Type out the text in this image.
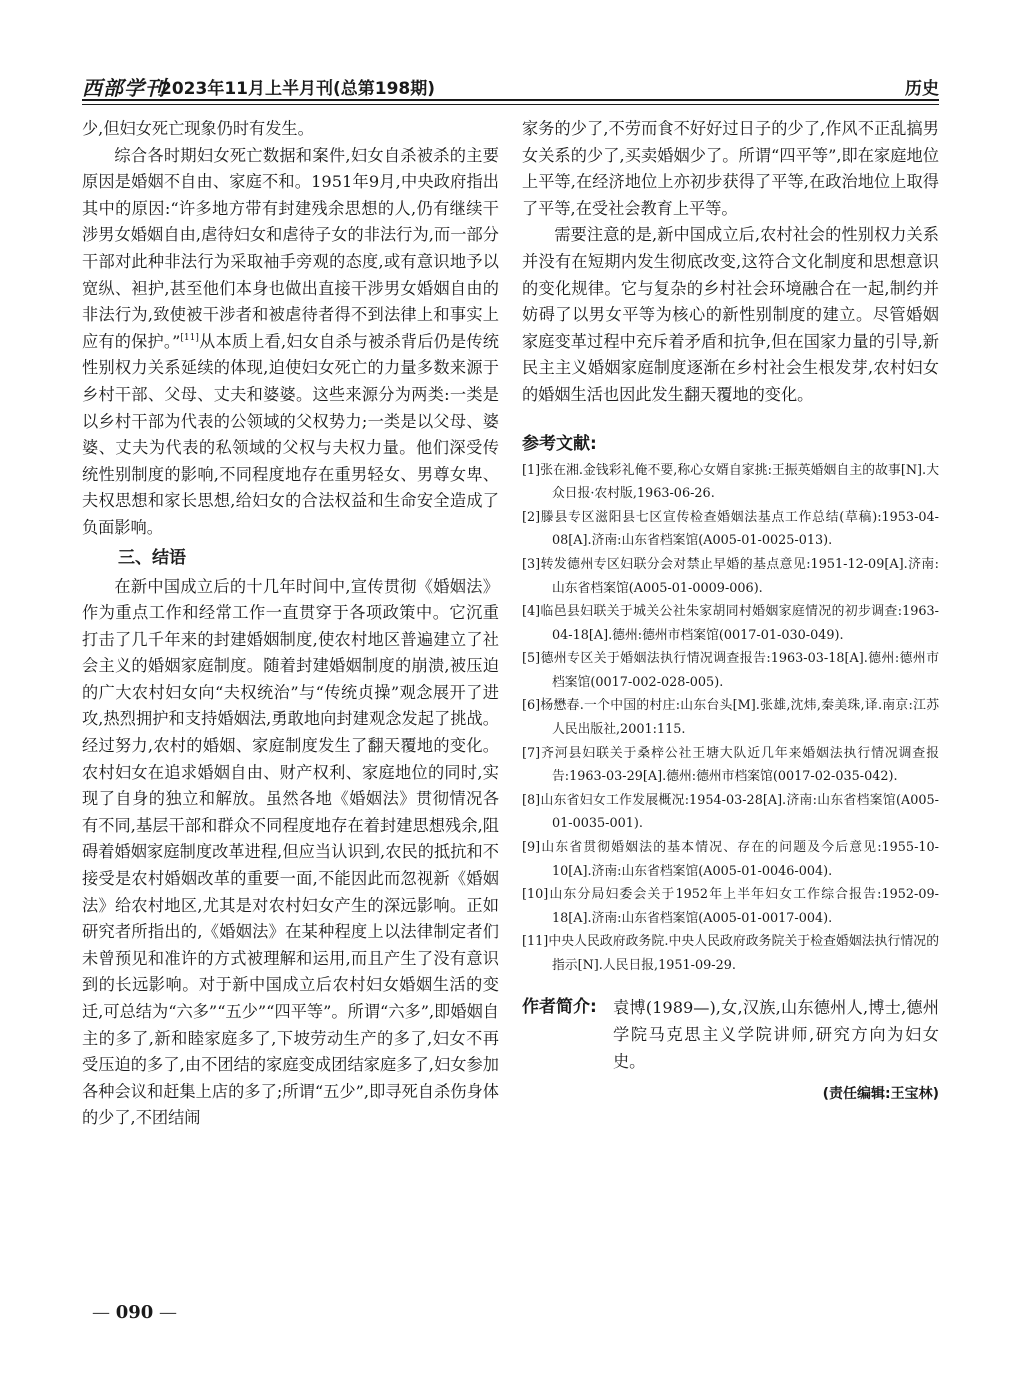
西部学刊
2023年11月上半月刊(总第198期)	历史

少,但妇女死亡现象仍时有发生。

综合各时期妇女死亡数据和案件,妇女自杀被杀的主要原因是婚姻不自由、家庭不和。1951年9月,中央政府指出其中的原因:“许多地方带有封建残余思想的人,仍有继续干涉男女婚姻自由,虐待妇女和虐待子女的非法行为,而一部分干部对此种非法行为采取袖手旁观的态度,或有意识地予以宽纵、袒护,甚至他们本身也做出直接干涉男女婚姻自由的非法行为,致使被干涉者和被虐待者得不到法律上和事实上应有的保护。”[11]从本质上看,妇女自杀与被杀背后仍是传统性别权力关系延续的体现,迫使妇女死亡的力量多数来源于乡村干部、父母、丈夫和婆婆。这些来源分为两类:一类是以乡村干部为代表的公领域的父权势力;一类是以父母、婆婆、丈夫为代表的私领域的父权与夫权力量。他们深受传统性别制度的影响,不同程度地存在重男轻女、男尊女卑、夫权思想和家长思想,给妇女的合法权益和生命安全造成了负面影响。

三、结语

在新中国成立后的十几年时间中,宣传贯彻《婚姻法》作为重点工作和经常工作一直贯穿于各项政策中。它沉重打击了几千年来的封建婚姻制度,使农村地区普遍建立了社会主义的婚姻家庭制度。随着封建婚姻制度的崩溃,被压迫的广大农村妇女向“夫权统治”与“传统贞操”观念展开了进攻,热烈拥护和支持婚姻法,勇敢地向封建观念发起了挑战。经过努力,农村的婚姻、家庭制度发生了翻天覆地的变化。农村妇女在追求婚姻自由、财产权利、家庭地位的同时,实现了自身的独立和解放。虽然各地《婚姻法》贯彻情况各有不同,基层干部和群众不同程度地存在着封建思想残余,阻碍着婚姻家庭制度改革进程,但应当认识到,农民的抵抗和不接受是农村婚姻改革的重要一面,不能因此而忽视新《婚姻法》给农村地区,尤其是对农村妇女产生的深远影响。正如研究者所指出的,《婚姻法》在某种程度上以法律制定者们未曾预见和准许的方式被理解和运用,而且产生了没有意识到的长远影响。对于新中国成立后农村妇女婚姻生活的变迁,可总结为“六多”“五少”“四平等”。所谓“六多”,即婚姻自主的多了,新和睦家庭多了,下坡劳动生产的多了,妇女不再受压迫的多了,由不团结的家庭变成团结家庭多了,妇女参加各种会议和赶集上店的多了;所谓“五少”,即寻死自杀伤身体的少了,不团结闹

家务的少了,不劳而食不好好过日子的少了,作风不正乱搞男女关系的少了,买卖婚姻少了。所谓“四平等”,即在家庭地位上平等,在经济地位上亦初步获得了平等,在政治地位上取得了平等,在受社会教育上平等。

需要注意的是,新中国成立后,农村社会的性别权力关系并没有在短期内发生彻底改变,这符合文化制度和思想意识的变化规律。它与复杂的乡村社会环境融合在一起,制约并妨碍了以男女平等为核心的新性别制度的建立。尽管婚姻家庭变革过程中充斥着矛盾和抗争,但在国家力量的引导,新民主主义婚姻家庭制度逐渐在乡村社会生根发芽,农村妇女的婚姻生活也因此发生翻天覆地的变化。

参考文献:
[1]张在湘.金钱彩礼俺不要,称心女婿自家挑:王振英婚姻自主的故事[N].大众日报·农村版,1963-06-26.
[2]滕县专区滋阳县七区宣传检查婚姻法基点工作总结(草稿):1953-04-08[A].济南:山东省档案馆(A005-01-0025-013).
[3]转发德州专区妇联分会对禁止早婚的基点意见:1951-12-09[A].济南:山东省档案馆(A005-01-0009-006).
[4]临邑县妇联关于城关公社朱家胡同村婚姻家庭情况的初步调查:1963-04-18[A].德州:德州市档案馆(0017-01-030-049).
[5]德州专区关于婚姻法执行情况调查报告:1963-03-18[A].德州:德州市档案馆(0017-002-028-005).
[6]杨懋春.一个中国的村庄:山东台头[M].张雄,沈炜,秦美珠,译.南京:江苏人民出版社,2001:115.
[7]齐河县妇联关于桑梓公社王塘大队近几年来婚姻法执行情况调查报告:1963-03-29[A].德州:德州市档案馆(0017-02-035-042).
[8]山东省妇女工作发展概况:1954-03-28[A].济南:山东省档案馆(A005-01-0035-001).
[9]山东省贯彻婚姻法的基本情况、存在的问题及今后意见:1955-10-10[A].济南:山东省档案馆(A005-01-0046-004).
[10]山东分局妇委会关于1952年上半年妇女工作综合报告:1952-09-18[A].济南:山东省档案馆(A005-01-0017-004).
[11]中央人民政府政务院.中央人民政府政务院关于检查婚姻法执行情况的指示[N].人民日报,1951-09-29.
作者简介: 袁博(1989—),女,汉族,山东德州人,博士,德州学院马克思主义学院讲师,研究方向为妇女史。
(责任编辑:王宝林)
— 090 —
